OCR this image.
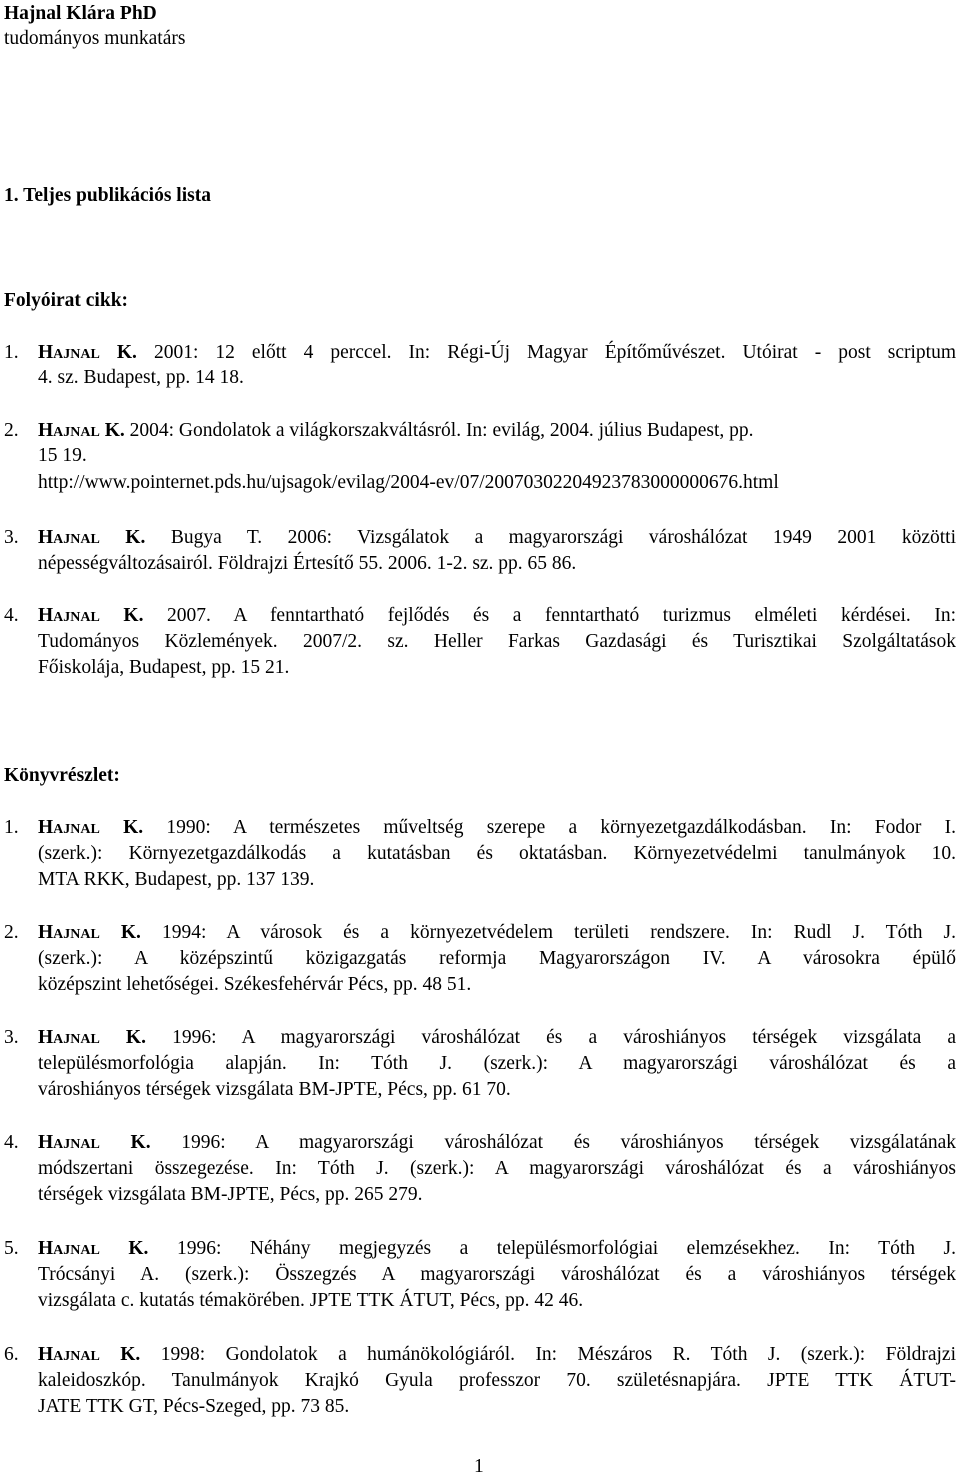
Hajnal Klára PhD
tudományos munkatárs
1. Teljes publikációs lista
Folyóirat cikk:
1. Hajnal K. 2001: 12 előtt 4 perccel. In: Régi-Új Magyar Építőművészet. Utóirat - post scriptum
4. sz. Budapest, pp. 14 18.
2. Hajnal K. 2004: Gondolatok a világkorszakváltásról. In: evilág, 2004. július Budapest, pp.
15 19.
http://www.pointernet.pds.hu/ujsagok/evilag/2004-ev/07/20070302204923783000000676.html
3. Hajnal K. Bugya T. 2006: Vizsgálatok a magyarországi városhálózat 1949 2001 közötti
népességváltozásairól. Földrajzi Értesítő 55. 2006. 1-2. sz. pp. 65 86.
4. Hajnal K. 2007. A fenntartható fejlődés és a fenntartható turizmus elméleti kérdései. In:
Tudományos Közlemények. 2007/2. sz. Heller Farkas Gazdasági és Turisztikai Szolgáltatások
Főiskolája, Budapest, pp. 15 21.
Könyvrészlet:
1. Hajnal K. 1990: A természetes műveltség szerepe a környezetgazdálkodásban. In: Fodor I.
(szerk.): Környezetgazdálkodás a kutatásban és oktatásban. Környezetvédelmi tanulmányok 10.
MTA RKK, Budapest, pp. 137 139.
2. Hajnal K. 1994: A városok és a környezetvédelem területi rendszere. In: Rudl J. Tóth J.
(szerk.): A középszintű közigazgatás reformja Magyarországon IV. A városokra épülő
középszint lehetőségei. Székesfehérvár Pécs, pp. 48 51.
3. Hajnal K. 1996: A magyarországi városhálózat és a városhiányos térségek vizsgálata a
településmorfológia alapján. In: Tóth J. (szerk.): A magyarországi városhálózat és a
városhiányos térségek vizsgálata BM-JPTE, Pécs, pp. 61 70.
4. Hajnal K. 1996: A magyarországi városhálózat és városhiányos térségek vizsgálatának
módszertani összegezése. In: Tóth J. (szerk.): A magyarországi városhálózat és a városhiányos
térségek vizsgálata BM-JPTE, Pécs, pp. 265 279.
5. Hajnal K. 1996: Néhány megjegyzés a településmorfológiai elemzésekhez. In: Tóth J.
Trócsányi A. (szerk.): Összegzés A magyarországi városhálózat és a városhiányos térségek
vizsgálata c. kutatás témakörében. JPTE TTK ÁTUT, Pécs, pp. 42 46.
6. Hajnal K. 1998: Gondolatok a humánökológiáról. In: Mészáros R. Tóth J. (szerk.): Földrajzi
kaleidoszkóp. Tanulmányok Krajkó Gyula professzor 70. születésnapjára. JPTE TTK ÁTUT-
JATE TTK GT, Pécs-Szeged, pp. 73 85.
1
